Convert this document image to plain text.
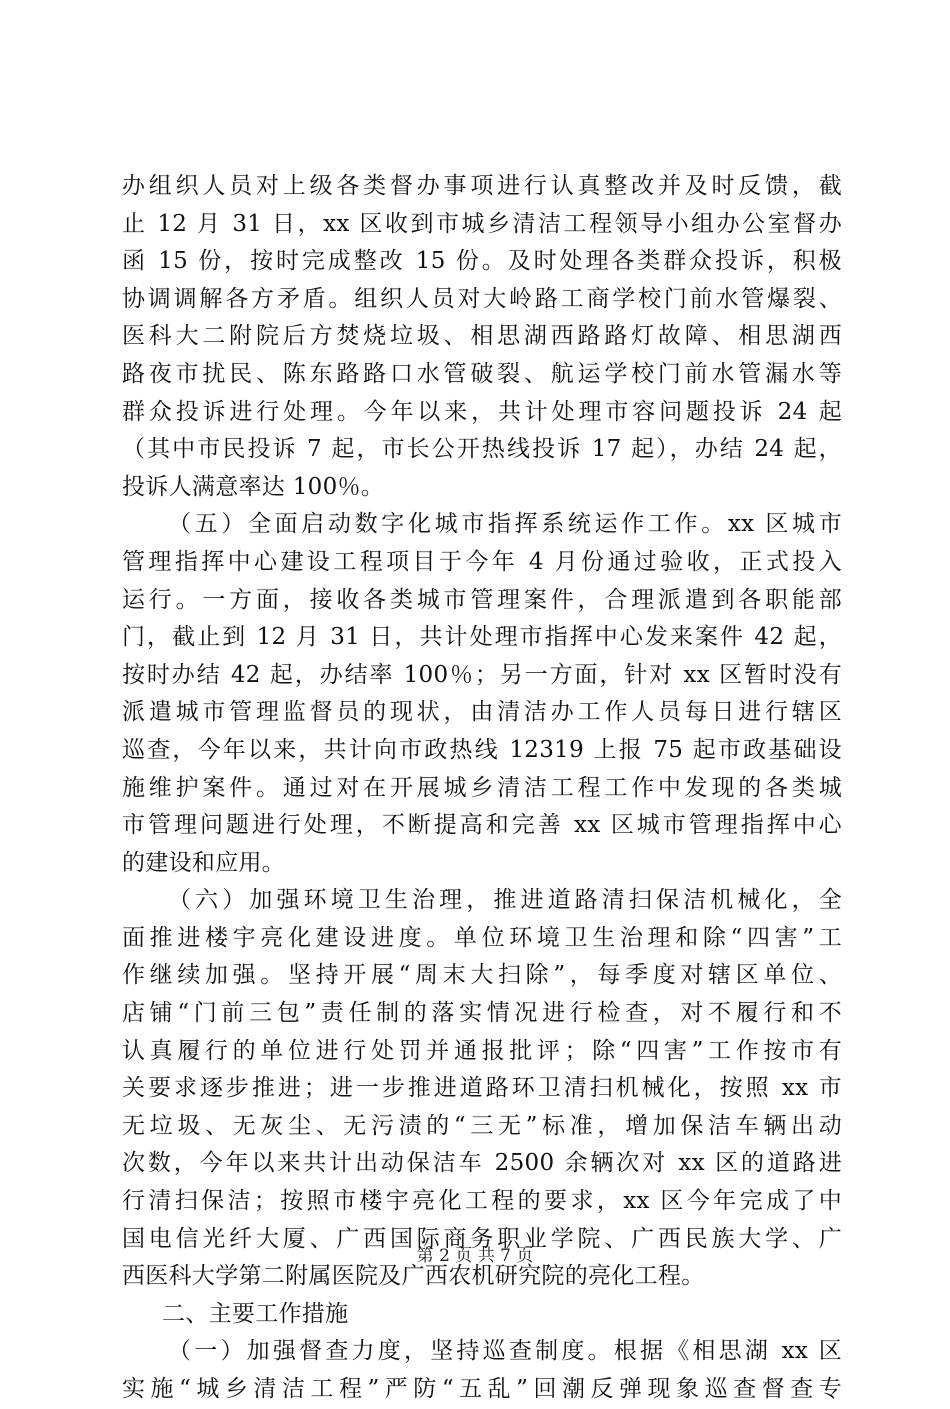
办组织人员对上级各类督办事项进行认真整改并及时反馈，截
止 12 月 31 日，xx 区收到市城乡清洁工程领导小组办公室督办
函 15 份，按时完成整改 15 份。及时处理各类群众投诉，积极
协调调解各方矛盾。组织人员对大岭路工商学校门前水管爆裂、
医科大二附院后方焚烧垃圾、相思湖西路路灯故障、相思湖西
路夜市扰民、陈东路路口水管破裂、航运学校门前水管漏水等
群众投诉进行处理。今年以来，共计处理市容问题投诉 24 起
（其中市民投诉 7 起，市长公开热线投诉 17 起），办结 24 起，
投诉人满意率达 100％。
（五）全面启动数字化城市指挥系统运作工作。xx 区城市
管理指挥中心建设工程项目于今年 4 月份通过验收，正式投入
运行。一方面，接收各类城市管理案件，合理派遣到各职能部
门，截止到 12 月 31 日，共计处理市指挥中心发来案件 42 起，
按时办结 42 起，办结率 100％；另一方面，针对 xx 区暂时没有
派遣城市管理监督员的现状，由清洁办工作人员每日进行辖区
巡查，今年以来，共计向市政热线 12319 上报 75 起市政基础设
施维护案件。通过对在开展城乡清洁工程工作中发现的各类城
市管理问题进行处理，不断提高和完善 xx 区城市管理指挥中心
的建设和应用。
（六）加强环境卫生治理，推进道路清扫保洁机械化，全
面推进楼宇亮化建设进度。单位环境卫生治理和除“四害”工
作继续加强。坚持开展“周末大扫除”，每季度对辖区单位、
店铺“门前三包”责任制的落实情况进行检查，对不履行和不
认真履行的单位进行处罚并通报批评；除“四害”工作按市有
关要求逐步推进；进一步推进道路环卫清扫机械化，按照 xx 市
无垃圾、无灰尘、无污渍的“三无”标准，增加保洁车辆出动
次数，今年以来共计出动保洁车 2500 余辆次对 xx 区的道路进
行清扫保洁；按照市楼宇亮化工程的要求，xx 区今年完成了中
国电信光纤大厦、广西国际商务职业学院、广西民族大学、广
西医科大学第二附属医院及广西农机研究院的亮化工程。
二、主要工作措施
（一）加强督查力度，坚持巡查制度。根据《相思湖 xx 区
实施“城乡清洁工程”严防“五乱”回潮反弹现象巡查督查专
第 2 页 共 7 页
